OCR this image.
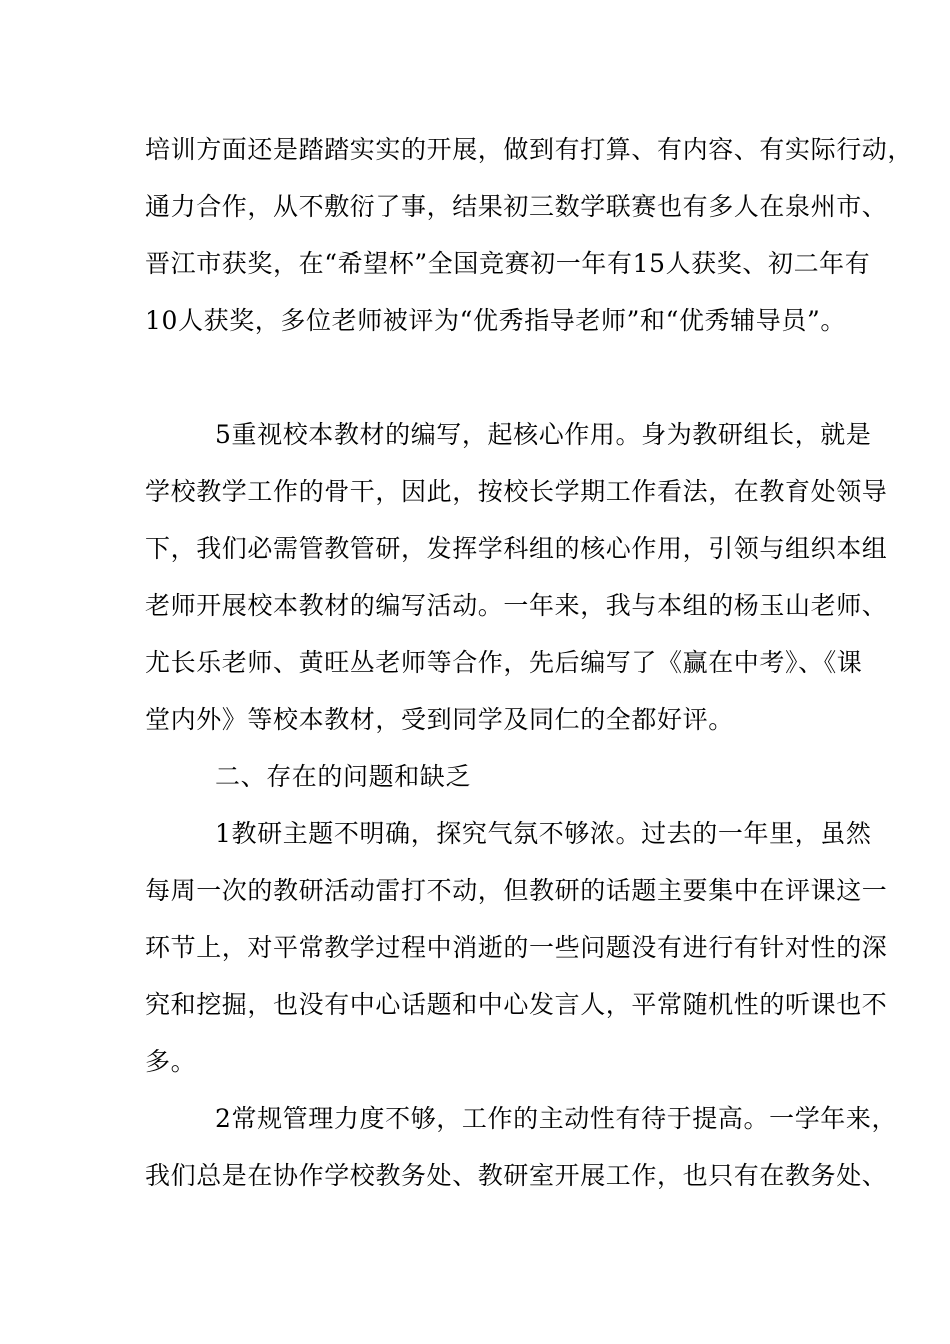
培训方面还是踏踏实实的开展，做到有打算、有内容、有实际行动，
通力合作，从不敷衍了事，结果初三数学联赛也有多人在泉州市、
晋江市获奖，在“希望杯”全国竞赛初一年有15人获奖、初二年有
10人获奖，多位老师被评为“优秀指导老师”和“优秀辅导员”。
5重视校本教材的编写，起核心作用。身为教研组长，就是
学校教学工作的骨干，因此，按校长学期工作看法，在教育处领导
下，我们必需管教管研，发挥学科组的核心作用，引领与组织本组
老师开展校本教材的编写活动。一年来，我与本组的杨玉山老师、
尤长乐老师、黄旺丛老师等合作，先后编写了《赢在中考》、《课
堂内外》等校本教材，受到同学及同仁的全都好评。
二、存在的问题和缺乏
1教研主题不明确，探究气氛不够浓。过去的一年里，虽然
每周一次的教研活动雷打不动，但教研的话题主要集中在评课这一
环节上，对平常教学过程中消逝的一些问题没有进行有针对性的深
究和挖掘，也没有中心话题和中心发言人，平常随机性的听课也不
多。
2常规管理力度不够，工作的主动性有待于提高。一学年来，
我们总是在协作学校教务处、教研室开展工作，也只有在教务处、
